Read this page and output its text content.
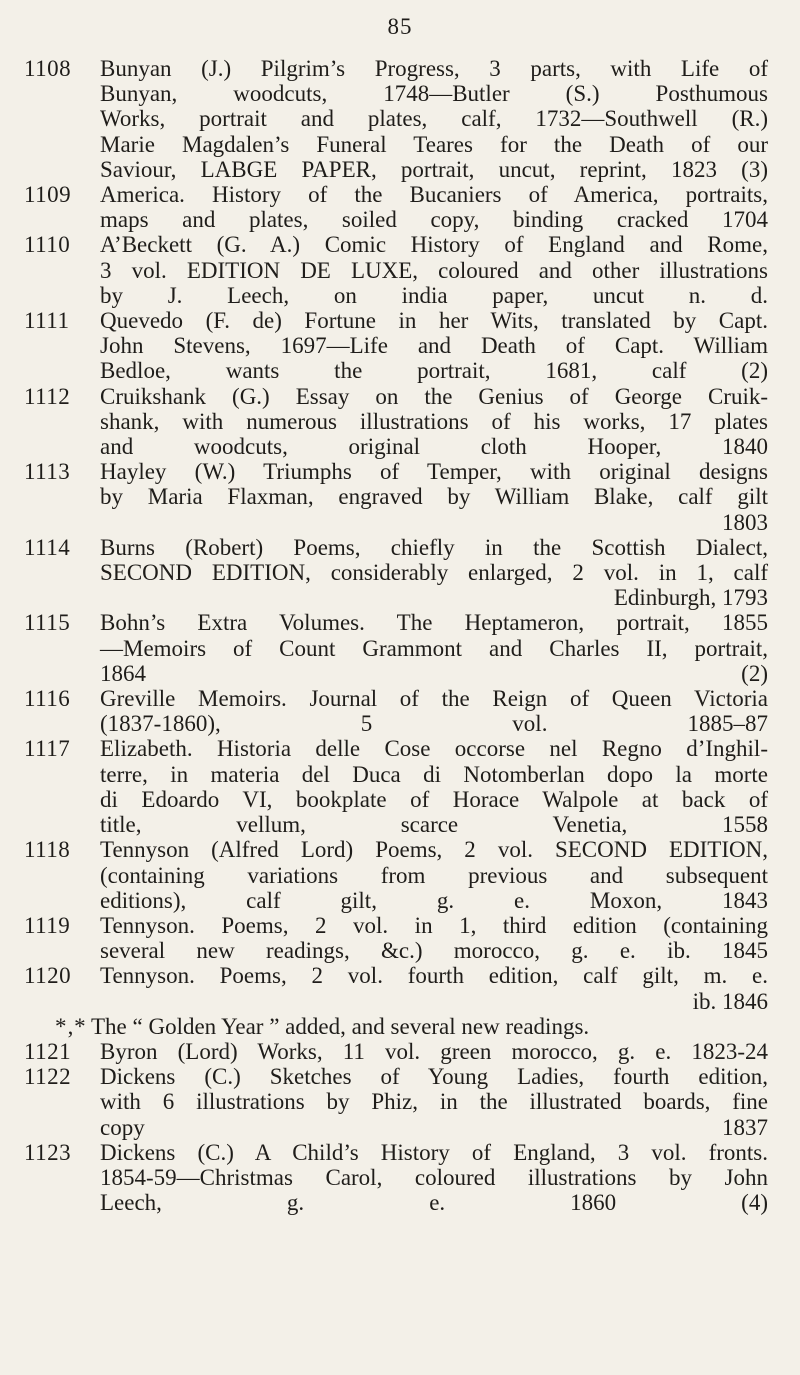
85
1108	Bunyan (J.) Pilgrim’s Progress, 3 parts, with Life of
Bunyan, woodcuts, 1748—Butler (S.) Posthumous
Works, portrait and plates, calf, 1732—Southwell (R.)
Marie Magdalen’s Funeral Teares for the Death of our
Saviour, LABGE PAPER, portrait, uncut, reprint, 1823 (3)
1109	America. History of the Bucaniers of America, portraits,
maps and plates, soiled copy, binding cracked 1704
1110	A’Beckett (G. A.) Comic History of England and Rome,
3 vol. EDITION DE LUXE, coloured and other illustrations
by J. Leech, on india paper, uncut n. d.
1111	Quevedo (F. de) Fortune in her Wits, translated by Capt.
John Stevens, 1697—Life and Death of Capt. William
Bedloe, wants the portrait, 1681, calf (2)
1112	Cruikshank (G.) Essay on the Genius of George Cruik-
shank, with numerous illustrations of his works, 17 plates
and woodcuts, original cloth Hooper, 1840
1113	Hayley (W.) Triumphs of Temper, with original designs
by Maria Flaxman, engraved by William Blake, calf gilt
1803
1114	Burns (Robert) Poems, chiefly in the Scottish Dialect,
SECOND EDITION, considerably enlarged, 2 vol. in 1, calf
Edinburgh, 1793
1115	Bohn’s Extra Volumes. The Heptameron, portrait, 1855
—Memoirs of Count Grammont and Charles II, portrait,
1864 (2)
1116	Greville Memoirs. Journal of the Reign of Queen Victoria
(1837-1860), 5 vol. 1885–87
1117	Elizabeth. Historia delle Cose occorse nel Regno d’Inghil-
terre, in materia del Duca di Notomberlan dopo la morte
di Edoardo VI, bookplate of Horace Walpole at back of
title, vellum, scarce Venetia, 1558
1118	Tennyson (Alfred Lord) Poems, 2 vol. SECOND EDITION,
(containing variations from previous and subsequent
editions), calf gilt, g. e. Moxon, 1843
1119	Tennyson. Poems, 2 vol. in 1, third edition (containing
several new readings, &c.) morocco, g. e. ib. 1845
1120	Tennyson. Poems, 2 vol. fourth edition, calf gilt, m. e.
ib. 1846
*‚* The “ Golden Year ” added, and several new readings.
1121	Byron (Lord) Works, 11 vol. green morocco, g. e. 1823-24
1122	Dickens (C.) Sketches of Young Ladies, fourth edition,
with 6 illustrations by Phiz, in the illustrated boards, fine
copy 1837
1123	Dickens (C.) A Child’s History of England, 3 vol. fronts.
1854-59—Christmas Carol, coloured illustrations by John
Leech, g. e. 1860 (4)
